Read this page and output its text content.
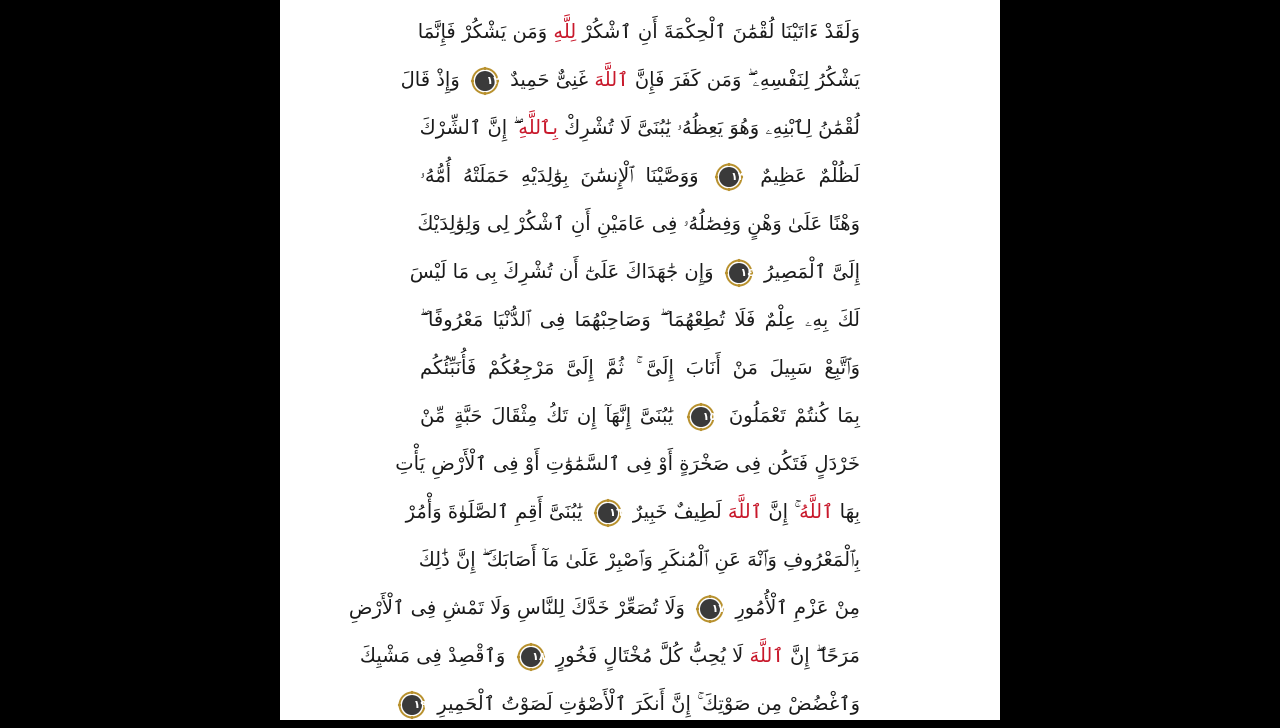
وَلَقَدْ ءَاتَيْنَا لُقْمَٰنَ ٱلْحِكْمَةَ أَنِ ٱشْكُرْ لِلَّهِ وَمَن يَشْكُرْ فَإِنَّمَا
يَشْكُرُ لِنَفْسِهِۦ ۖ وَمَن كَفَرَ فَإِنَّ ٱللَّهَ غَنِىٌّ حَمِيدٌ
١٢
وَإِذْ قَالَ
لُقْمَٰنُ لِٱبْنِهِۦ وَهُوَ يَعِظُهُۥ يَٰبُنَىَّ لَا تُشْرِكْ بِٱللَّهِ ۖ إِنَّ ٱلشِّرْكَ
لَظُلْمٌ عَظِيمٌ
١٣
وَوَصَّيْنَا ٱلْإِنسَٰنَ بِوَٰلِدَيْهِ حَمَلَتْهُ أُمُّهُۥ
وَهْنًا عَلَىٰ وَهْنٍ وَفِصَٰلُهُۥ فِى عَامَيْنِ أَنِ ٱشْكُرْ لِى وَلِوَٰلِدَيْكَ
إِلَىَّ ٱلْمَصِيرُ
١٤
وَإِن جَٰهَدَاكَ عَلَىٰٓ أَن تُشْرِكَ بِى مَا لَيْسَ
لَكَ بِهِۦ عِلْمٌ فَلَا تُطِعْهُمَا ۖ وَصَاحِبْهُمَا فِى ٱلدُّنْيَا مَعْرُوفًا ۖ
وَٱتَّبِعْ سَبِيلَ مَنْ أَنَابَ إِلَىَّ ۚ ثُمَّ إِلَىَّ مَرْجِعُكُمْ فَأُنَبِّئُكُم
بِمَا كُنتُمْ تَعْمَلُونَ
١٥
يَٰبُنَىَّ إِنَّهَآ إِن تَكُ مِثْقَالَ حَبَّةٍ مِّنْ
خَرْدَلٍ فَتَكُن فِى صَخْرَةٍ أَوْ فِى ٱلسَّمَٰوَٰتِ أَوْ فِى ٱلْأَرْضِ يَأْتِ
بِهَا ٱللَّهُ ۚ إِنَّ ٱللَّهَ لَطِيفٌ خَبِيرٌ
١٦
يَٰبُنَىَّ أَقِمِ ٱلصَّلَوٰةَ وَأْمُرْ
بِٱلْمَعْرُوفِ وَٱنْهَ عَنِ ٱلْمُنكَرِ وَٱصْبِرْ عَلَىٰ مَآ أَصَابَكَ ۖ إِنَّ ذَٰلِكَ
مِنْ عَزْمِ ٱلْأُمُورِ
١٧
وَلَا تُصَعِّرْ خَدَّكَ لِلنَّاسِ وَلَا تَمْشِ فِى ٱلْأَرْضِ
مَرَحًا ۖ إِنَّ ٱللَّهَ لَا يُحِبُّ كُلَّ مُخْتَالٍ فَخُورٍ
١٨
وَٱقْصِدْ فِى مَشْيِكَ
وَٱغْضُضْ مِن صَوْتِكَ ۚ إِنَّ أَنكَرَ ٱلْأَصْوَٰتِ لَصَوْتُ ٱلْحَمِيرِ
١٩
